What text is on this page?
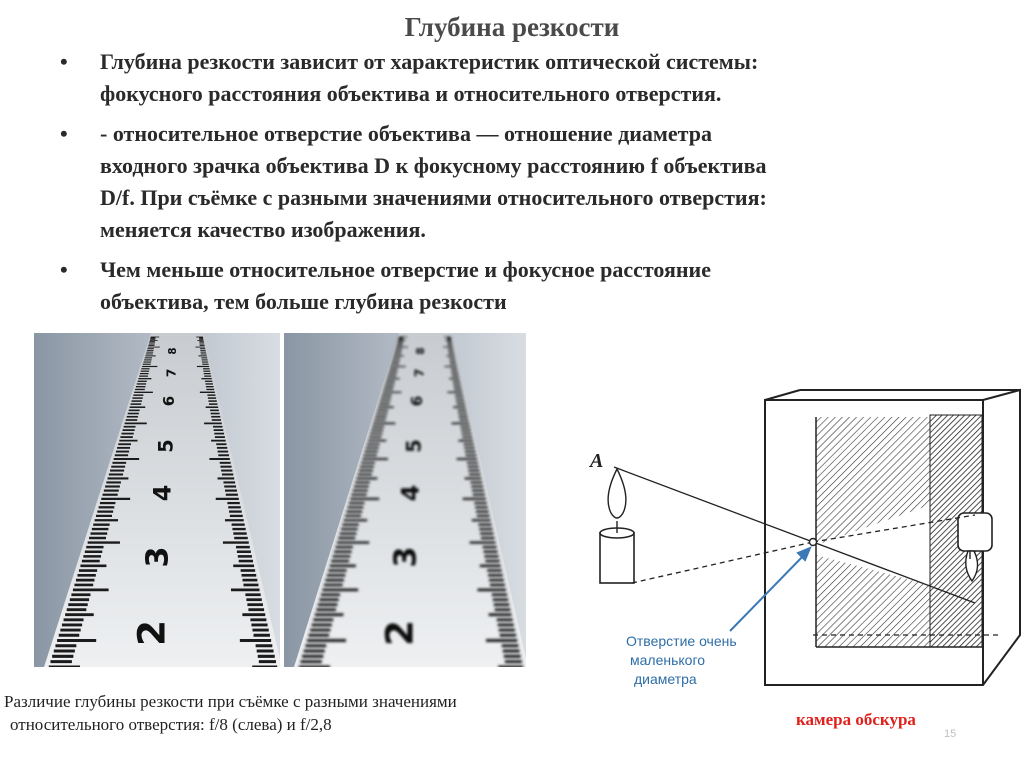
Глубина резкости
• Глубина резкости зависит от характеристик оптической системы:
фокусного расстояния объектива и относительного отверстия.
• - относительное отверстие объектива — отношение диаметра
входного зрачка объектива D к фокусному расстоянию f объектива
D/f. При съёмке с разными значениями относительного отверстия:
меняется качество изображения.
• Чем меньше относительное отверстие и фокусное расстояние
объектива, тем больше глубина резкости
2
3
4
5
6
7
8
2
3
4
5
6
7
8
Различие глубины резкости при съёмке с разными значениями
относительного отверстия: f/8 (слева) и f/2,8
A
Отверстие очень
маленького
диаметра
камера обскура
15
